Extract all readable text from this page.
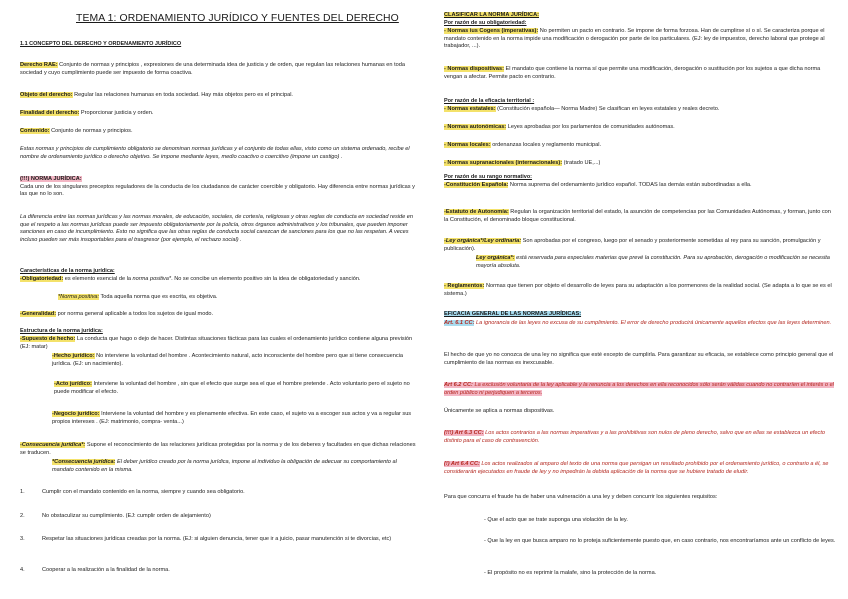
TEMA 1: ORDENAMIENTO JURÍDICO Y FUENTES DEL DERECHO

1.1 CONCEPTO DEL DERECHO Y ORDENAMIENTO JURÍDICO

Derecho RAE: Conjunto de normas y principios , expresiones de una determinada idea de justicia y de orden, que regulan las relaciones humanas en toda sociedad y cuyo cumplimiento puede ser impuesto de forma coactiva.

Objeto del derecho: Regular las relaciones humanas en toda sociedad. Hay más objetos pero es el principal.

Finalidad del derecho: Proporcionar justicia y orden.

Contenido: Conjunto de normas y principios.

Estas normas y principios de cumplimiento obligatorio se denominan normas jurídicas y el conjunto de todas ellas, visto como un sistema ordenado, recibe el nombre de ordenamiento jurídico o derecho objetivo. Se impone mediante leyes, medio coactivo o coercitivo (impone un castigo) .

(!!!) NORMA JURÍDICA:
Cada uno de los singulares preceptos reguladores de la conducta de los ciudadanos de carácter coercible y obligatorio. Hay diferencia entre normas jurídicas y las que no lo son.

La diferencia entre las normas jurídicas y las normas morales, de educación, sociales, de cortesía, religiosas y otras reglas de conducta en sociedad reside en que el respeto a las normas jurídicas puede ser impuesto obligatoriamente por la policía, otros órganos administrativos y los tribunales, que pueden imponer sanciones en caso de incumplimiento. Esto no significa que las otras reglas de conducta social carezcan de sanciones para los que no las respetan. A veces incluso pueden ser más insoportables para el trasgresor (por ejemplo, el rechazo social) .

Características de la norma jurídica:

-Obligatoriedad: es elemento esencial de la norma positiva*. No se concibe un elemento positivo sin la idea de obligatoriedad y sanción.

*Norma positiva: Toda aquella norma que es escrita, es objetiva.

-Generalidad: por norma general aplicable a todos los sujetos de igual modo.

Estructura de la norma jurídica:

-Supuesto de hecho: La conducta que hago o dejo de hacer. Distintas situaciones fácticas para las cuales el ordenamiento jurídico contiene alguna previsión (EJ: matar)

-Hecho jurídico: No interviene la voluntad del hombre . Acontecimiento natural, acto inconsciente del hombre pero que si tiene consecuencia jurídica. (EJ: un nacimiento).

-Acto jurídico: Interviene la voluntad del hombre , sin que el efecto que surge sea el que el hombre pretende . Acto voluntario pero el sujeto no puede modificar el efecto.

-Negocio jurídico: Interviene la voluntad del hombre y es plenamente efectiva. En este caso, el sujeto va a escoger sus actos y va a regular sus propios intereses . (EJ: matrimonio, compra- venta...)

-Consecuencia jurídica*: Supone el reconocimiento de las relaciones jurídicas protegidas por la norma y de los deberes y facultades en que dichas relaciones se traducen.

*Consecuencia jurídica: El deber jurídico creado por la norma jurídica, impone al individuo la obligación de adecuar su comportamiento al mandato contenido en la misma.

1.	Cumplir con el mandato contenido en la norma, siempre y cuando sea obligatorio.
2.	No obstaculizar su cumplimiento. (EJ: cumplir orden de alejamiento)
3.	Respetar las situaciones jurídicas creadas por la norma. (EJ: si alguien denuncia, tener que ir a juicio, pasar manutención si te divorcias, etc)
4.	Cooperar a la realización a la finalidad de la norma.

CLASIFICAR LA NORMA JURÍDICA:

Por razón de su obligatoriedad:

- Normas ius Cogens (imperativas): No permiten un pacto en contrario. Se impone de forma forzosa. Han de cumplirse sí o sí. Se caracteriza porque el mandato contenido en la norma impide una modificación o derogación por parte de los particulares. (EJ: ley de impuestos, derecho laboral que protege al trabajador, ...).

- Normas dispositivas: El mandato que contiene la norma sí que permite una modificación, derogación o sustitución por los sujetos a que dicha norma vengan a afectar. Permite pacto en contrario.

Por razón de la eficacia territorial :

- Normas estatales: (Constitución española— Norma Madre) Se clasifican en leyes estatales y reales decreto.

- Normas autonómicas: Leyes aprobadas por los parlamentos de comunidades autónomas.

- Normas locales: ordenanzas locales y reglamento municipal.

- Normas supranacionales (internacionales): (tratado UE,...)

Por razón de su rango normativo:

-Constitución Española: Norma suprema del ordenamiento jurídico español. TODAS las demás están subordinadas a ella.

-Estatuto de Autonomía: Regulan la organización territorial del estado, la asunción de competencias por las Comunidades Autónomas, y forman, junto con la Constitución, el denominado bloque constitucional.

-Ley orgánica*/Ley ordinaria: Son aprobadas por el congreso, luego por el senado y posteriormente sometidas al rey para su sanción, promulgación y publicación).

Ley orgánica*: está reservada para especiales materias que prevé la constitución. Para su aprobación, derogación o modificación se necesita mayoría absoluta.

- Reglamentos: Normas que tienen por objeto el desarrollo de leyes para su adaptación a los pormenores de la realidad social. (Se adapta a lo que se es el sistema.)

EFICACIA GENERAL DE LAS NORMAS JURÍDICAS:

Art. 6.1 CC: La ignorancia de las leyes no excusa de su cumplimiento. El error de derecho producirá únicamente aquellos efectos que las leyes determinen.

El hecho de que yo no conozca de una ley no significa que esté excepto de cumplirla. Para garantizar su eficacia, se establece como principio general que el cumplimiento de las normas es inexcusable.

Art 6.2 CC: La exclusión voluntaria de la ley aplicable y la renuncia a los derechos en ella reconocidos sólo serán válidas cuando no contraríen el interés o el orden público ni perjudiquen a terceros.

Únicamente se aplica a normas dispositivas.

(!!!) Art 6.3 CC: Los actos contrarios a las normas imperativas y a las prohibitivas son nulos de pleno derecho, salvo que en ellas se establezca un efecto distinto para el caso de contravención.

(!) Art 6.4 CC: Los actos realizados al amparo del texto de una norma que persigan un resultado prohibido por el ordenamiento jurídico, o contrario a él, se considerarán ejecutados en fraude de ley y no impedirán la debida aplicación de la norma que se hubiere tratado de eludir.

Para que concurra el fraude ha de haber una vulneración a una ley y deben concurrir los siguientes requisitos:

- Que el acto que se trate suponga una violación de la ley.

- Que la ley en que busca amparo no lo proteja suficientemente puesto que, en caso contrario, nos encontraríamos ante un conflicto de leyes.

- El propósito no es reprimir la malafe, sino la protección de la norma.
